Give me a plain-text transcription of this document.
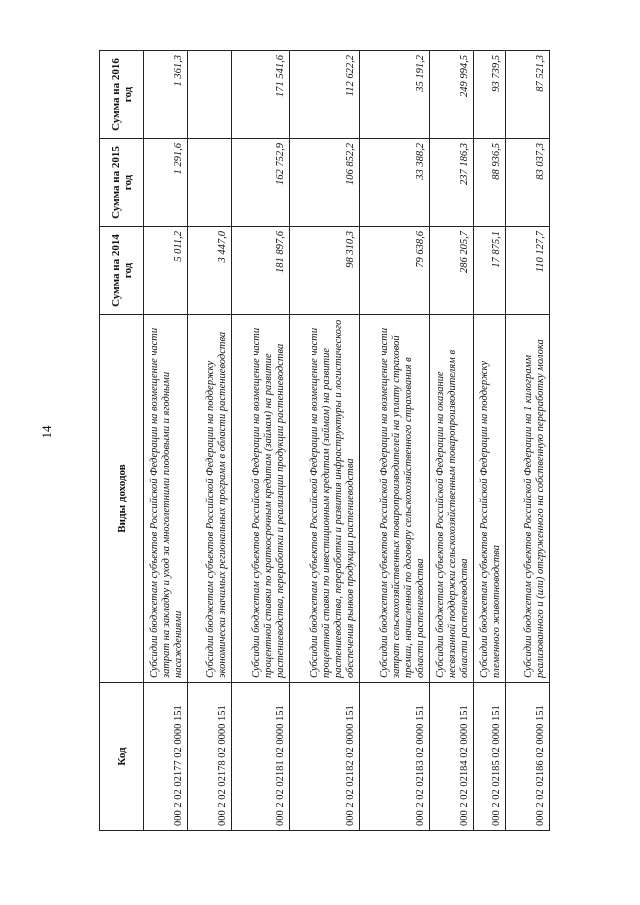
14
Код	Виды доходов	Сумма на 2014 год	Сумма на 2015 год	Сумма на 2016 год
000 2 02 02177 02 0000 151	Субсидии бюджетам субъектов Российской Федерации на возмещение части затрат на закладку и уход за многолетними плодовыми и ягодными насаждениями	5 011,2	1 291,6	1 361,3
000 2 02 02178 02 0000 151	Субсидии бюджетам субъектов Российской Федерации на поддержку экономически значимых региональных программ в области растениеводства	3 447,0		
000 2 02 02181 02 0000 151	Субсидии бюджетам субъектов Российской Федерации на возмещение части процентной ставки по краткосрочным кредитам (займам) на развитие растениеводства, переработки и реализации продукции растениеводства	181 897,6	162 752,9	171 541,6
000 2 02 02182 02 0000 151	Субсидии бюджетам субъектов Российской Федерации на возмещение части процентной ставки по инвестиционным кредитам (займам) на развитие растениеводства, переработки и развития инфраструктуры и логистического обеспечения рынков продукции растениеводства	98 310,3	106 852,2	112 622,2
000 2 02 02183 02 0000 151	Субсидии бюджетам субъектов Российской Федерации на возмещение части затрат сельскохозяйственных товаропроизводителей на уплату страховой премии, начисленной по договору сельскохозяйственного страхования в области растениеводства	79 638,6	33 388,2	35 191,2
000 2 02 02184 02 0000 151	Субсидии бюджетам субъектов Российской Федерации на оказание несвязанной поддержки сельскохозяйственным товаропроизводителям в области растениеводства	286 205,7	237 186,3	249 994,5
000 2 02 02185 02 0000 151	Субсидии бюджетам субъектов Российской Федерации на поддержку племенного животноводства	17 875,1	88 936,5	93 739,5
000 2 02 02186 02 0000 151	Субсидии бюджетам субъектов Российской Федерации на 1 килограмм реализованного и (или) отгруженного на собственную переработку молока	110 127,7	83 037,3	87 521,3
